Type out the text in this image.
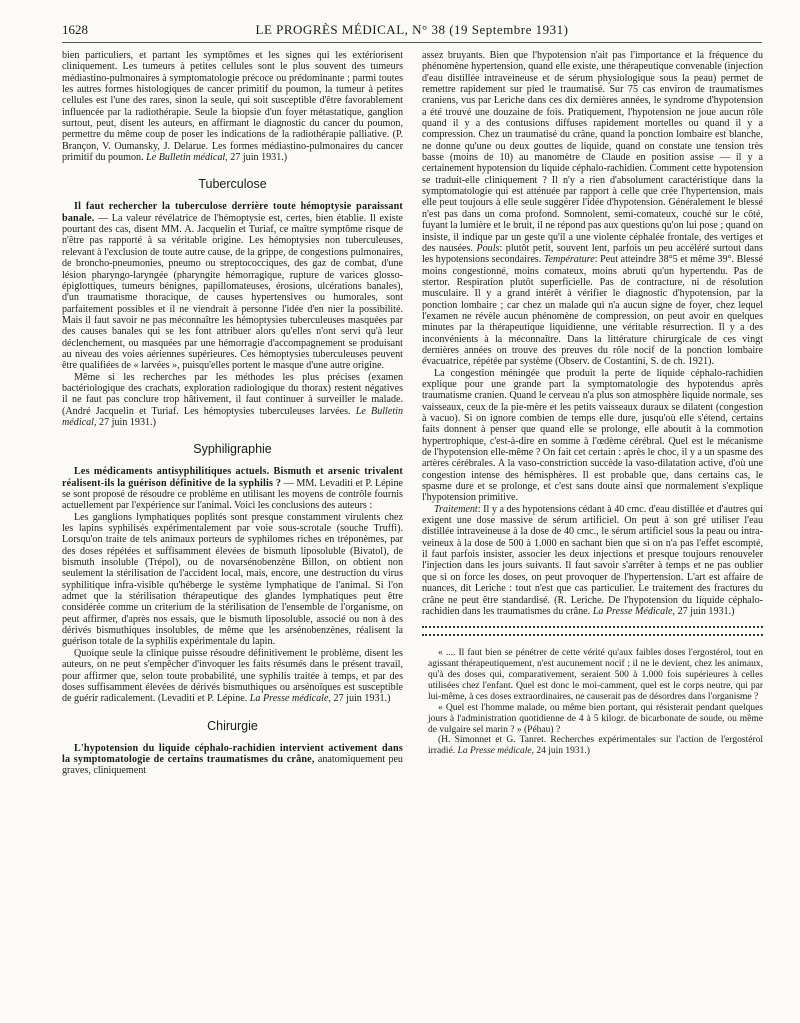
1628	LE PROGRÈS MÉDICAL, N° 38 (19 Septembre 1931)

bien particuliers, et partant les symptômes et les signes qui les extériorisent cliniquement. Les tumeurs à petites cellules sont le plus souvent des tumeurs médiastino-pulmonaires à symptomatologie précoce ou prédominante ; parmi toutes les autres formes histologiques de cancer primitif du poumon, la tumeur à petites cellules est l'une des rares, sinon la seule, qui soit susceptible d'être favorablement influencée par la radiothérapie. Seule la biopsie d'un foyer métastatique, ganglion surtout, peut, disent les auteurs, en affirmant le diagnostic du cancer du poumon, permettre du même coup de poser les indications de la radiothérapie palliative. (P. Brançon, V. Oumansky, J. Delarue. Les formes médiastino-pulmonaires du cancer primitif du poumon. Le Bulletin médical, 27 juin 1931.)

Tuberculose

Il faut rechercher la tuberculose derrière toute hémoptysie paraissant banale. — La valeur révélatrice de l'hémoptysie est, certes, bien établie. Il existe pourtant des cas, disent MM. A. Jacquelin et Turiaf, ce maître symptôme risque de n'être pas rapporté à sa véritable origine. Les hémoptysies non tuberculeuses, relevant à l'exclusion de toute autre cause, de la grippe, de congestions pulmonaires, de broncho-pneumonies, pneumo ou streptococciques, des gaz de combat, d'une lésion pharyngo-laryngée (pharyngite hémorragique, rupture de varices glosso-épiglottiques, tumeurs bénignes, papillomateuses, érosions, ulcérations banales), d'un traumatisme thoracique, de causes hypertensives ou humorales, sont parfaitement possibles et il ne viendrait à personne l'idée d'en nier la possibilité. Mais il faut savoir ne pas méconnaître les hémoptysies tuberculeuses masquées par des causes banales qui se les font attribuer alors qu'elles n'ont servi qu'à leur déclenchement, ou masquées par une hémorragie d'accompagnement se produisant au niveau des voies aériennes supérieures. Ces hémoptysies tuberculeuses peuvent être qualifiées de « larvées », puisqu'elles portent le masque d'une autre origine.

Même si les recherches par les méthodes les plus précises (examen bactériologique des crachats, exploration radiologique du thorax) restent négatives il ne faut pas conclure trop hâtivement, il faut continuer à surveiller le malade. (André Jacquelin et Turiaf. Les hémoptysies tuberculeuses larvées. Le Bulletin médical, 27 juin 1931.)

Syphiligraphie

Les médicaments antisyphilitiques actuels. Bismuth et arsenic trivalent réalisent-ils la guérison définitive de la syphilis ? — MM. Levaditi et P. Lépine se sont proposé de résoudre ce problème en utilisant les moyens de contrôle fournis actuellement par l'expérience sur l'animal. Voici les conclusions des auteurs :

Les ganglions lymphatiques poplités sont presque constamment virulents chez les lapins syphilisés expérimentalement par voie sous-scrotale (souche Truffi). Lorsqu'on traite de tels animaux porteurs de syphilomes riches en tréponèmes, par des doses répétées et suffisamment élevées de bismuth liposoluble (Bivatol), de bismuth insoluble (Trépol), ou de novarsénobenzène Billon, on obtient non seulement la stérilisation de l'accident local, mais, encore, une destruction du virus syphilitique infra-visible qu'héberge le système lymphatique de l'animal. Si l'on admet que la stérilisation thérapeutique des glandes lymphatiques peut être considérée comme un criterium de la stérilisation de l'ensemble de l'organisme, on peut affirmer, d'après nos essais, que le bismuth liposoluble, associé ou non à des dérivés bismuthiques insolubles, de même que les arsénobenzènes, réalisent la guérison totale de la syphilis expérimentale du lapin.

Quoique seule la clinique puisse résoudre définitivement le problème, disent les auteurs, on ne peut s'empêcher d'invoquer les faits résumés dans le présent travail, pour affirmer que, selon toute probabilité, une syphilis traitée à temps, et par des doses suffisamment élevées de dérivés bismuthiques ou arsénoïques est susceptible de guérir radicalement. (Levaditi et P. Lépine. La Presse médicale, 27 juin 1931.)

Chirurgie

L'hypotension du liquide céphalo-rachidien intervient activement dans la symptomatologie de certains traumatismes du crâne, anatomiquement peu graves, cliniquement

assez bruyants. Bien que l'hypotension n'ait pas l'importance et la fréquence du phénomène hypertension, quand elle existe, une thérapeutique convenable (injection d'eau distillée intraveineuse et de sérum physiologique sous la peau) permet de remettre rapidement sur pied le traumatisé. Sur 75 cas environ de traumatismes craniens, vus par Leriche dans ces dix dernières années, le syndrome d'hypotension a été trouvé une douzaine de fois. Pratiquement, l'hypotension ne joue aucun rôle quand il y a des contusions diffuses rapidement mortelles ou quand il y a compression. Chez un traumatisé du crâne, quand la ponction lombaire est blanche, ne donne qu'une ou deux gouttes de liquide, quand on constate une tension très basse (moins de 10) au manomètre de Claude en position assise — il y a certainement hypotension du liquide céphalo-rachidien. Comment cette hypotension se traduit-elle cliniquement ? Il n'y a rien d'absolument caractéristique dans la symptomatologie qui est atténuée par rapport à celle que crée l'hypertension, mais elle peut toujours à elle seule suggérer l'idée d'hypotension. Généralement le blessé n'est pas dans un coma profond. Somnolent, semi-comateux, couché sur le côté, fuyant la lumière et le bruit, il ne répond pas aux questions qu'on lui pose ; quand on insiste, il indique par un geste qu'il a une violente céphalée frontale, des vertiges et des nausées. Pouls: plutôt petit, souvent lent, parfois un peu accéléré surtout dans les hypotensions secondaires. Température: Peut atteindre 38°5 et même 39°. Blessé moins congestionné, moins comateux, moins abruti qu'un hypertendu. Pas de stertor. Respiration plutôt superficielle. Pas de contracture, ni de résolution musculaire. Il y a grand intérêt à vérifier le diagnostic d'hypotension, par la ponction lombaire ; car chez un malade qui n'a aucun signe de foyer, chez lequel l'examen ne révèle aucun phénomène de compression, on peut avoir en quelques minutes par la thérapeutique liquidienne, une véritable résurrection. Il y a des inconvénients à la méconnaître. Dans la littérature chirurgicale de ces vingt dernières années on trouve des preuves du rôle nocif de la ponction lombaire évacuatrice, répétée par système (Observ. de Costantini, S. de ch. 1921).

La congestion méningée que produit la perte de liquide céphalo-rachidien explique pour une grande part la symptomatologie des hypotendus après traumatisme cranien. Quand le cerveau n'a plus son atmosphère liquide normale, ses vaisseaux, ceux de la pie-mère et les petits vaisseaux duraux se dilatent (congestion à vacuo). Si on ignore combien de temps elle dure, jusqu'où elle s'étend, certains faits donnent à penser que quand elle se prolonge, elle aboutit à la commotion hypertrophique, c'est-à-dire en somme à l'œdème cérébral. Quel est le mécanisme de l'hypotension elle-même ? On fait cet certain : après le choc, il y a un spasme des artères cérébrales. A la vaso-constriction succède la vaso-dilatation active, d'où une congestion intense des hémisphères. Il est probable que, dans certains cas, le spasme dure et se prolonge, et c'est sans doute ainsi que normalement s'explique l'hypotension primitive.

Traitement: Il y a des hypotensions cédant à 40 cmc. d'eau distillée et d'autres qui exigent une dose massive de sérum artificiel. On peut à son gré utiliser l'eau distillée intraveineuse à la dose de 40 cmc., le sérum artificiel sous la peau ou intra-veineux à la dose de 500 à 1.000 en sachant bien que si on n'a pas l'effet escompté, il faut parfois insister, associer les deux injections et presque toujours renouveler l'injection dans les jours suivants. Il faut savoir s'arrêter à temps et ne pas oublier que si on force les doses, on peut provoquer de l'hypertension. L'art est affaire de nuances, dit Leriche : tout n'est que cas particulier. Le traitement des fractures du crâne ne peut être standardisé. (R. Leriche. De l'hypotension du liquide céphalo-rachidien dans les traumatismes du crâne. La Presse Médicale, 27 juin 1931.)

« .... Il faut bien se pénétrer de cette vérité qu'aux faibles doses l'ergostérol, tout en agissant thérapeutiquement, n'est aucunement nocif ; il ne le devient, chez les animaux, qu'à des doses qui, comparativement, seraient 500 à 1.000 fois supérieures à celles utilisées chez l'enfant. Quel est donc le moi-camment, quel est le corps neutre, qui par lui-même, à ces doses extraordinaires, ne causerait pas de désordres dans l'organisme ?

« Quel est l'homme malade, ou même bien portant, qui résisterait pendant quelques jours à l'administration quotidienne de 4 à 5 kilogr. de bicarbonate de soude, ou même de vulgaire sel marin ? » (Péhau) ?

(H. Simonnet et G. Tanret. Recherches expérimentales sur l'action de l'ergostérol irradié. La Presse médicale, 24 juin 1931.)
